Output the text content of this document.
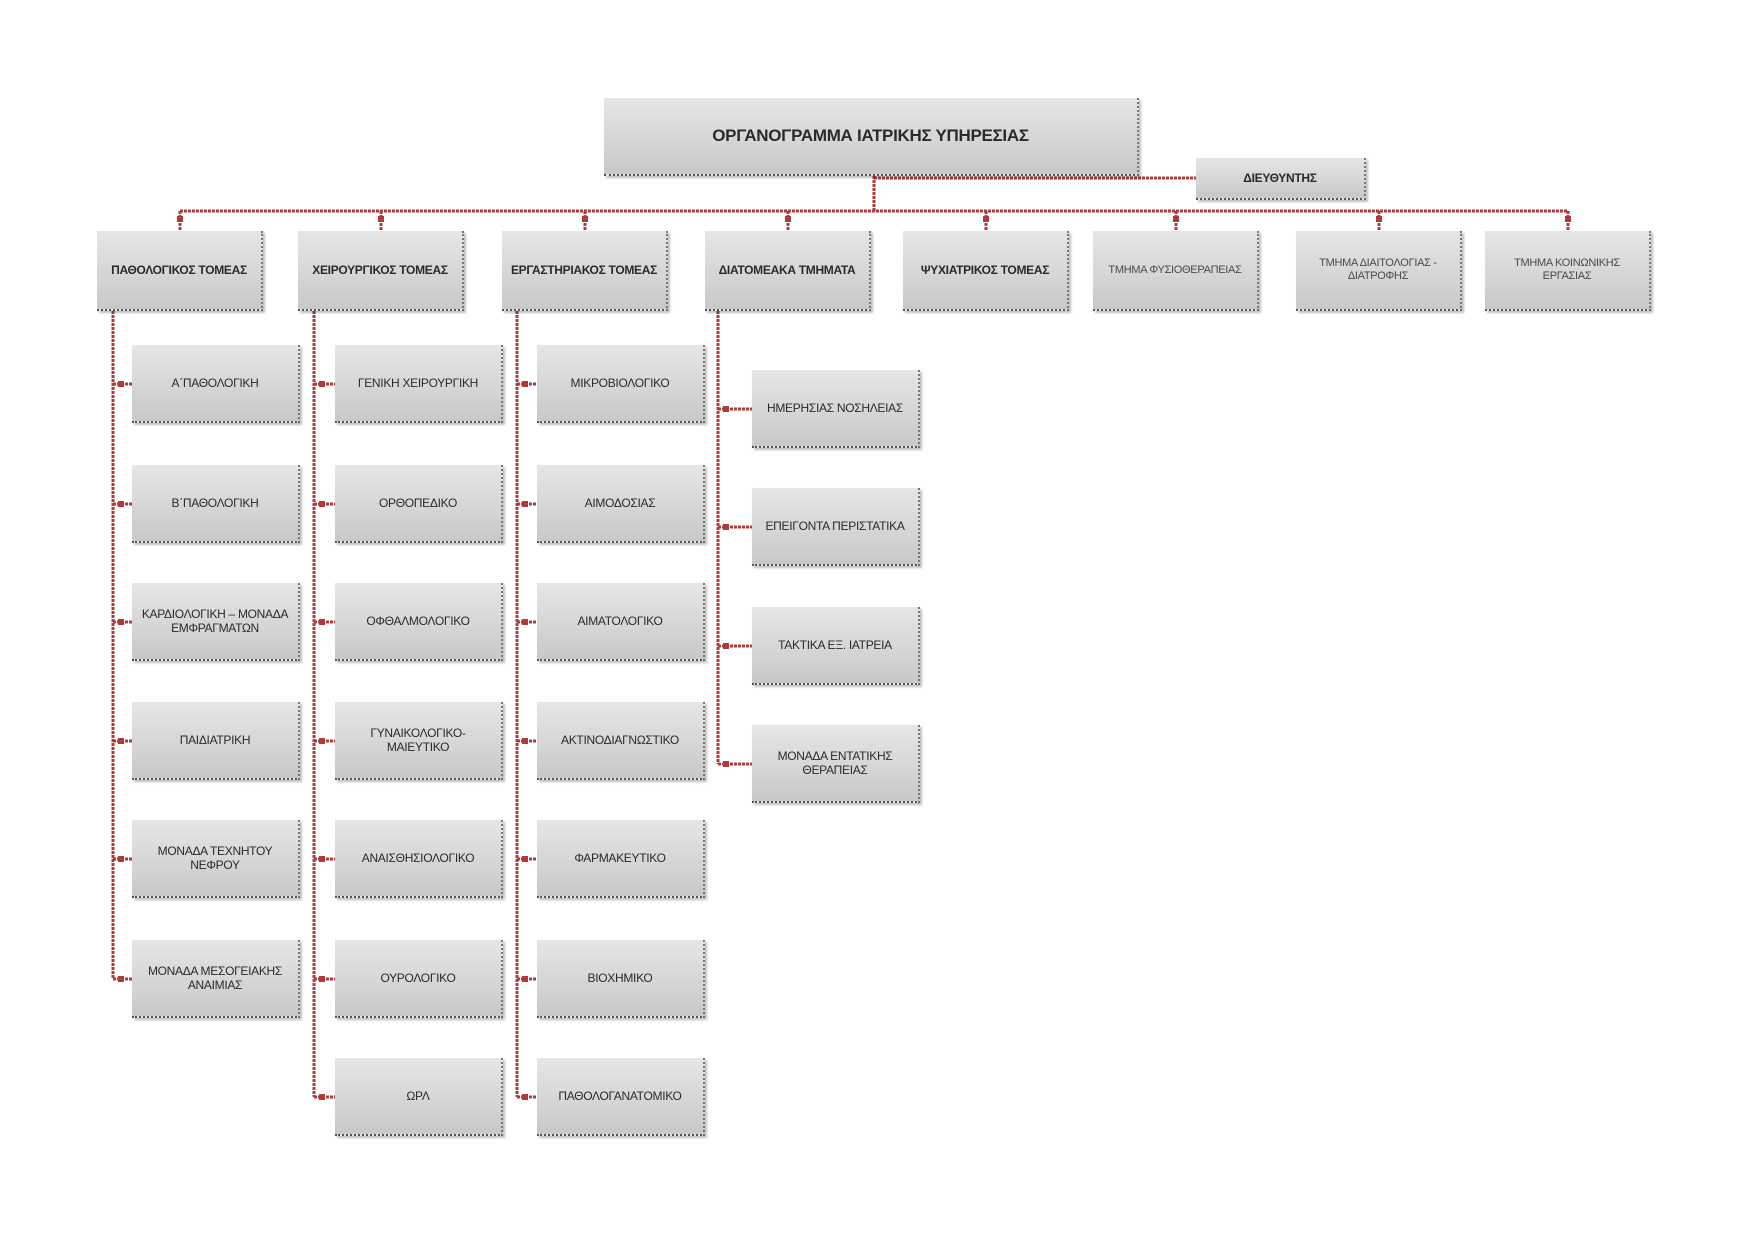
ΟΡΓΑΝΟΓΡΑΜΜΑ ΙΑΤΡΙΚΗΣ ΥΠΗΡΕΣΙΑΣ
ΔΙΕΥΘΥΝΤΗΣ
ΠΑΘΟΛΟΓΙΚΟΣ ΤΟΜΕΑΣ
Α΄ΠΑΘΟΛΟΓΙΚΗ
Β΄ΠΑΘΟΛΟΓΙΚΗ
ΚΑΡΔΙΟΛΟΓΙΚΗ – ΜΟΝΑΔΑ
ΕΜΦΡΑΓΜΑΤΩΝ
ΠΑΙΔΙΑΤΡΙΚΗ
ΜΟΝΑΔΑ ΤΕΧΝΗΤΟΥ
ΝΕΦΡΟΥ
ΜΟΝΑΔΑ ΜΕΣΟΓΕΙΑΚΗΣ
ΑΝΑΙΜΙΑΣ
ΧΕΙΡΟΥΡΓΙΚΟΣ ΤΟΜΕΑΣ
ΓΕΝΙΚΗ ΧΕΙΡΟΥΡΓΙΚΗ
ΟΡΘΟΠΕΔΙΚΟ
ΟΦΘΑΛΜΟΛΟΓΙΚΟ
ΓΥΝΑΙΚΟΛΟΓΙΚΟ-
ΜΑΙΕΥΤΙΚΟ
ΑΝΑΙΣΘΗΣΙΟΛΟΓΙΚΟ
ΟΥΡΟΛΟΓΙΚΟ
ΩΡΛ
ΕΡΓΑΣΤΗΡΙΑΚΟΣ ΤΟΜΕΑΣ
ΜΙΚΡΟΒΙΟΛΟΓΙΚΟ
ΑΙΜΟΔΟΣΙΑΣ
ΑΙΜΑΤΟΛΟΓΙΚΟ
ΑΚΤΙΝΟΔΙΑΓΝΩΣΤΙΚΟ
ΦΑΡΜΑΚΕΥΤΙΚΟ
ΒΙΟΧΗΜΙΚΟ
ΠΑΘΟΛΟΓΑΝΑΤΟΜΙΚΟ
ΔΙΑΤΟΜΕΑΚΑ ΤΜΗΜΑΤΑ
ΗΜΕΡΗΣΙΑΣ ΝΟΣΗΛΕΙΑΣ
ΕΠΕΙΓΟΝΤΑ ΠΕΡΙΣΤΑΤΙΚΑ
ΤΑΚΤΙΚΑ ΕΞ. ΙΑΤΡΕΙΑ
ΜΟΝΑΔΑ ΕΝΤΑΤΙΚΗΣ
ΘΕΡΑΠΕΙΑΣ
ΨΥΧΙΑΤΡΙΚΟΣ ΤΟΜΕΑΣ	ΤΜΗΜΑ ΦΥΣΙΟΘΕΡΑΠΕΙΑΣ
ΤΜΗΜΑ ΔΙΑΙΤΟΛΟΓΙΑΣ -
ΔΙΑΤΡΟΦΗΣ
ΤΜΗΜΑ ΚΟΙΝΩΝΙΚΗΣ
ΕΡΓΑΣΙΑΣ
